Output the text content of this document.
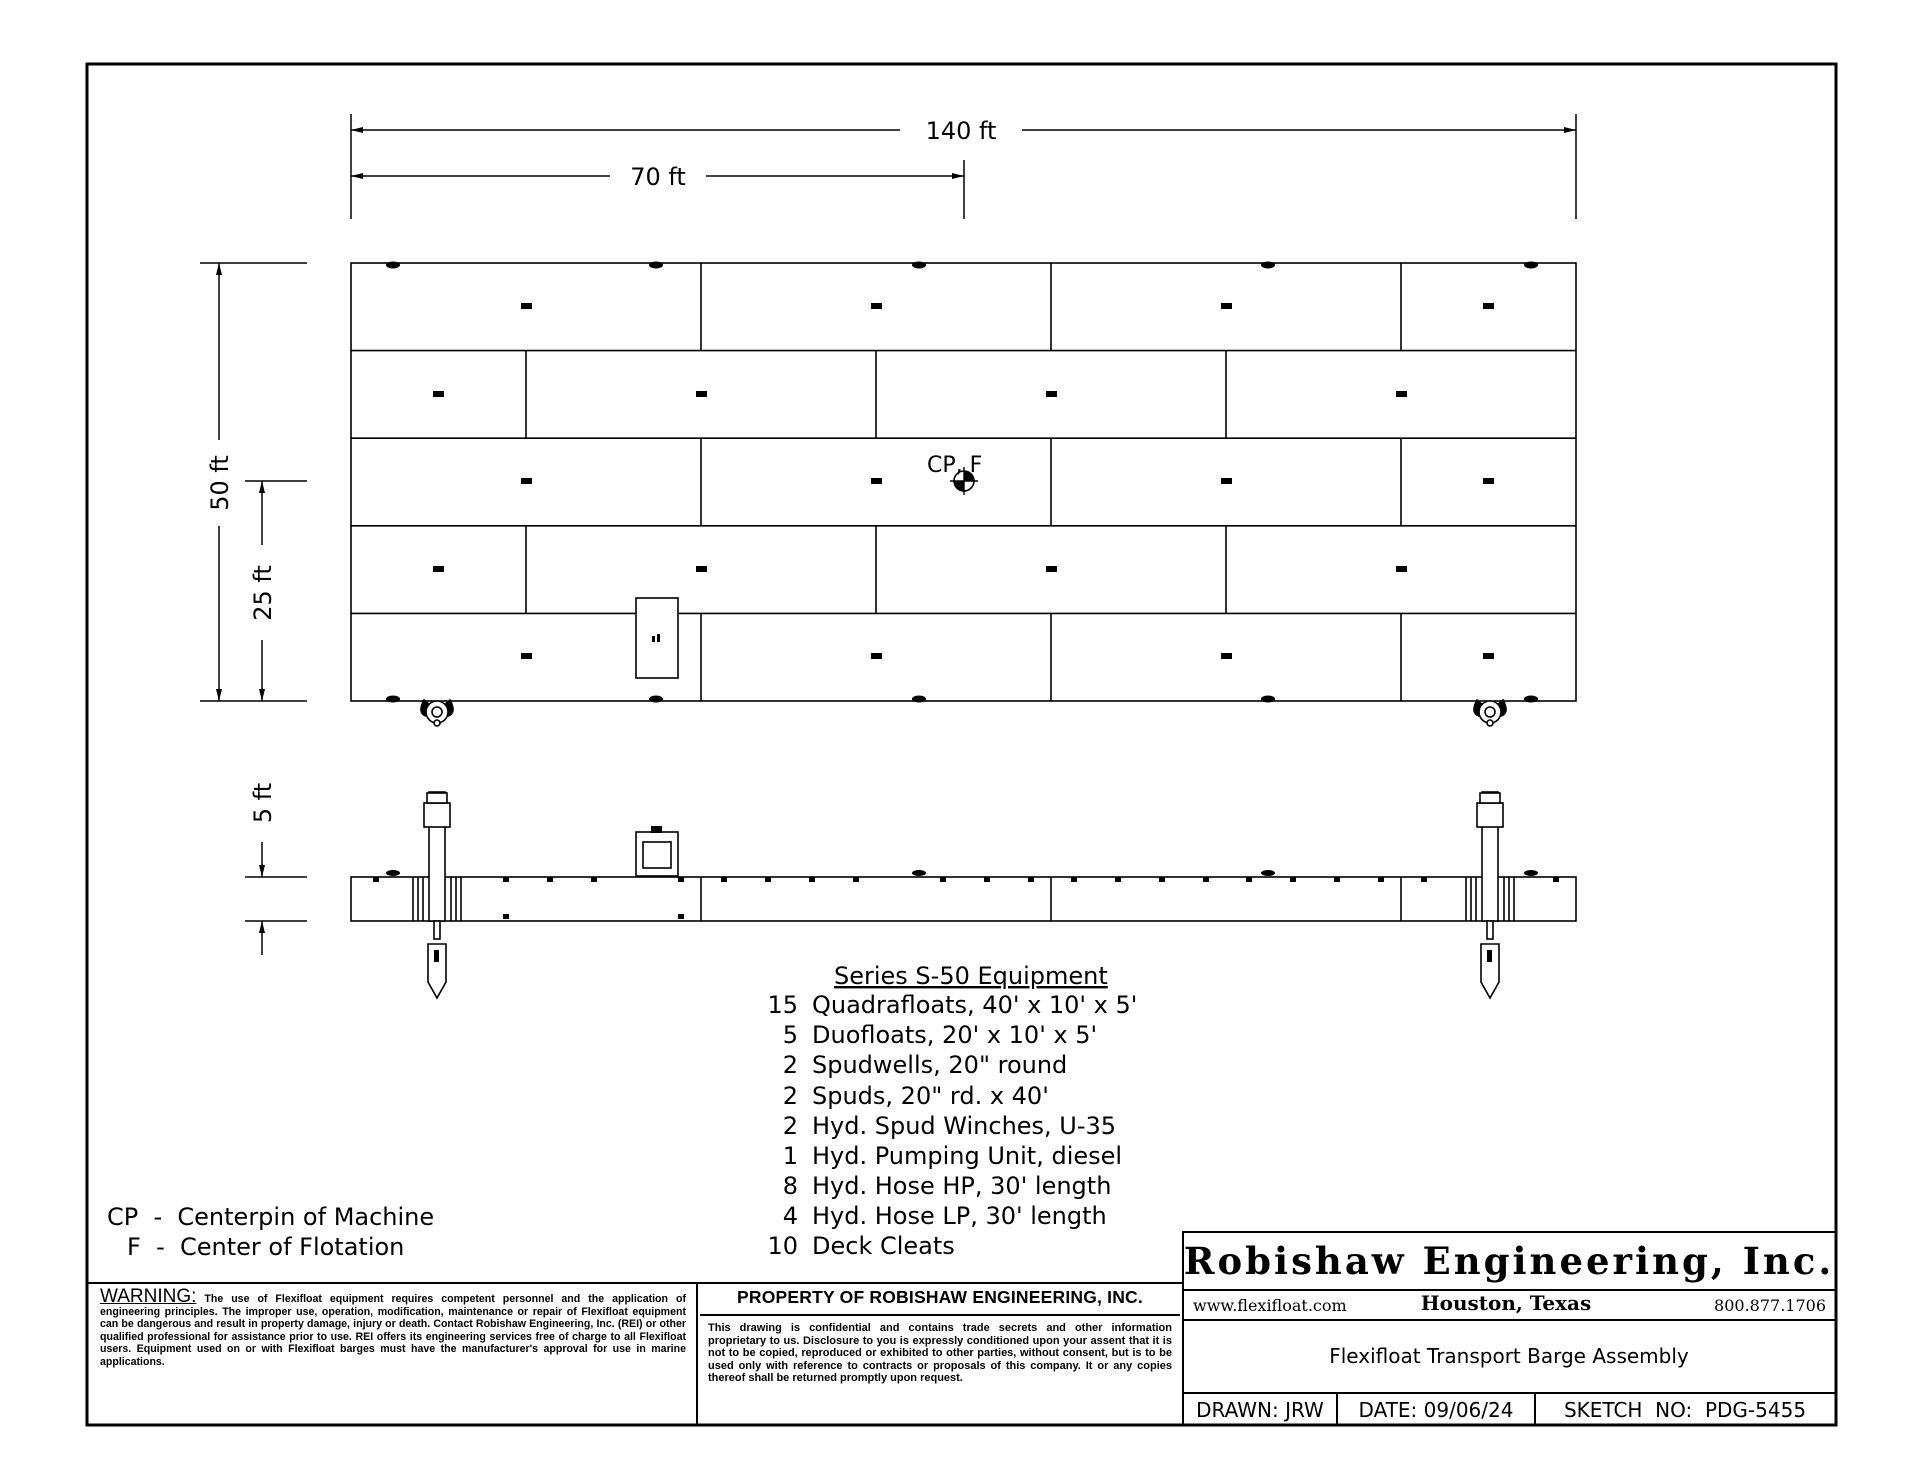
140 ft
70 ft
50 ft
25 ft
5 ft
CP, F
Series S-50 Equipment
15 Quadrafloats, 40' x 10' x 5'
5 Duofloats, 20' x 10' x 5'
2 Spudwells, 20" round
2 Spuds, 20" rd. x 40'
2 Hyd. Spud Winches, U-35
1 Hyd. Pumping Unit, diesel
8 Hyd. Hose HP, 30' length
4 Hyd. Hose LP, 30' length
10 Deck Cleats
CP  -  Centerpin of Machine
F  -  Center of Flotation	Robishaw Engineering, Inc.
www.flexifloat.com	Houston, Texas	800.877.1706
Flexifloat Transport Barge Assembly
DRAWN: JRW DATE: 09/06/24	SKETCH  NO:  PDG-5455
WARNING: The use of Flexifloat equipment requires competent personnel and the application of engineering principles. The improper use, operation, modification, maintenance or repair of Flexifloat equipment can be dangerous and result in property damage, injury or death. Contact Robishaw Engineering, Inc. (REI) or other qualified professional for assistance prior to use. REI offers its engineering services free of charge to all Flexifloat users. Equipment used on or with Flexifloat barges must have the manufacturer's approval for use in marine applications.
PROPERTY OF ROBISHAW ENGINEERING, INC.
This drawing is confidential and contains trade secrets and other information proprietary to us. Disclosure to you is expressly conditioned upon your assent that it is not to be copied, reproduced or exhibited to other parties, without consent, but is to be used only with reference to contracts or proposals of this company. It or any copies thereof shall be returned promptly upon request.
